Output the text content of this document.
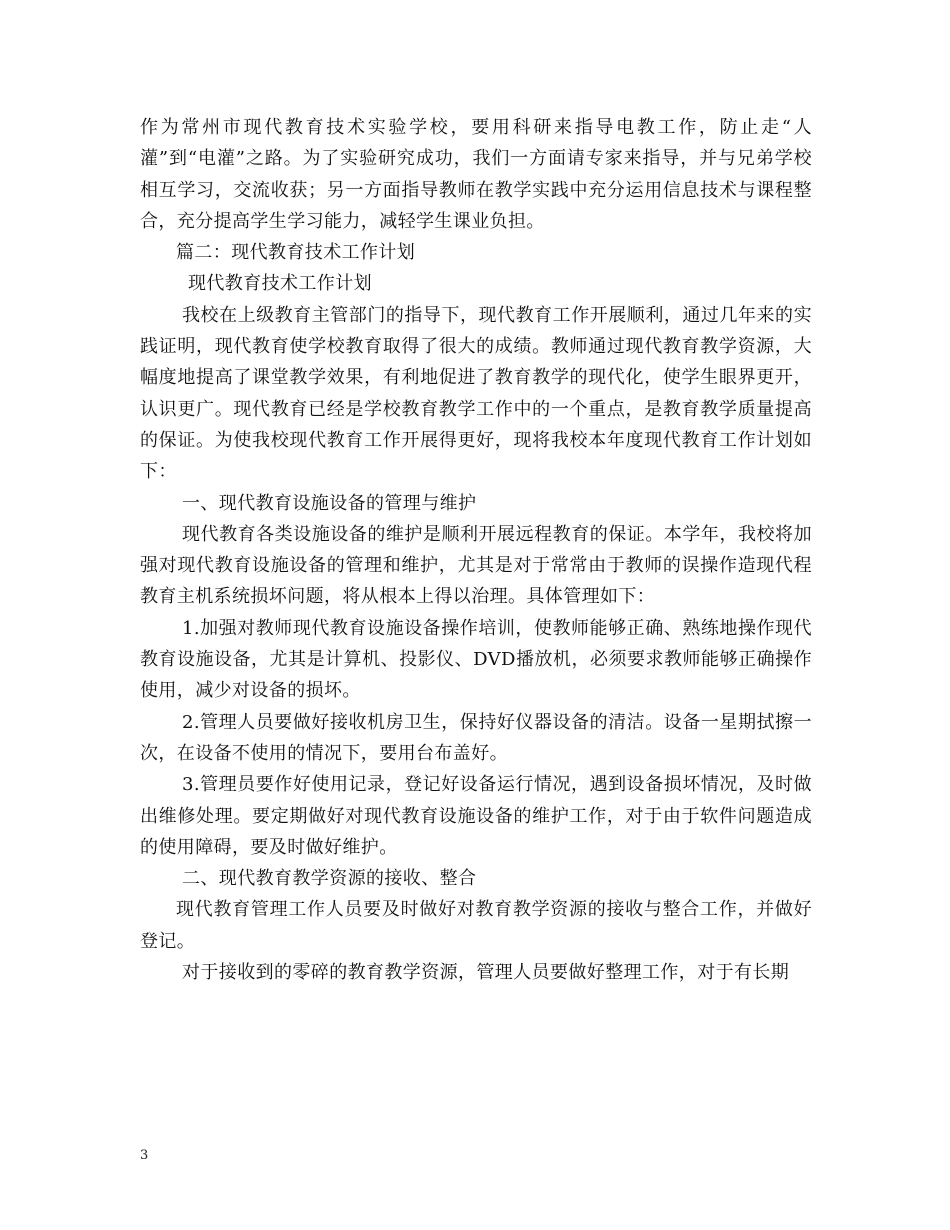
作为常州市现代教育技术实验学校，要用科研来指导电教工作，防止走“人灌”到“电灌”之路。为了实验研究成功，我们一方面请专家来指导，并与兄弟学校相互学习，交流收获；另一方面指导教师在教学实践中充分运用信息技术与课程整合，充分提高学生学习能力，减轻学生课业负担。

篇二：现代教育技术工作计划

现代教育技术工作计划

我校在上级教育主管部门的指导下，现代教育工作开展顺利，通过几年来的实践证明，现代教育使学校教育取得了很大的成绩。教师通过现代教育教学资源，大幅度地提高了课堂教学效果，有利地促进了教育教学的现代化，使学生眼界更开，认识更广。现代教育已经是学校教育教学工作中的一个重点，是教育教学质量提高的保证。为使我校现代教育工作开展得更好，现将我校本年度现代教育工作计划如下：

一、现代教育设施设备的管理与维护

现代教育各类设施设备的维护是顺利开展远程教育的保证。本学年，我校将加强对现代教育设施设备的管理和维护，尤其是对于常常由于教师的误操作造现代程教育主机系统损坏问题，将从根本上得以治理。具体管理如下：

1.加强对教师现代教育设施设备操作培训，使教师能够正确、熟练地操作现代教育设施设备，尤其是计算机、投影仪、DVD播放机，必须要求教师能够正确操作使用，减少对设备的损坏。

2.管理人员要做好接收机房卫生，保持好仪器设备的清洁。设备一星期拭擦一次，在设备不使用的情况下，要用台布盖好。

3.管理员要作好使用记录，登记好设备运行情况，遇到设备损坏情况，及时做出维修处理。要定期做好对现代教育设施设备的维护工作，对于由于软件问题造成的使用障碍，要及时做好维护。

二、现代教育教学资源的接收、整合

现代教育管理工作人员要及时做好对教育教学资源的接收与整合工作，并做好登记。

对于接收到的零碎的教育教学资源，管理人员要做好整理工作，对于有长期

3
